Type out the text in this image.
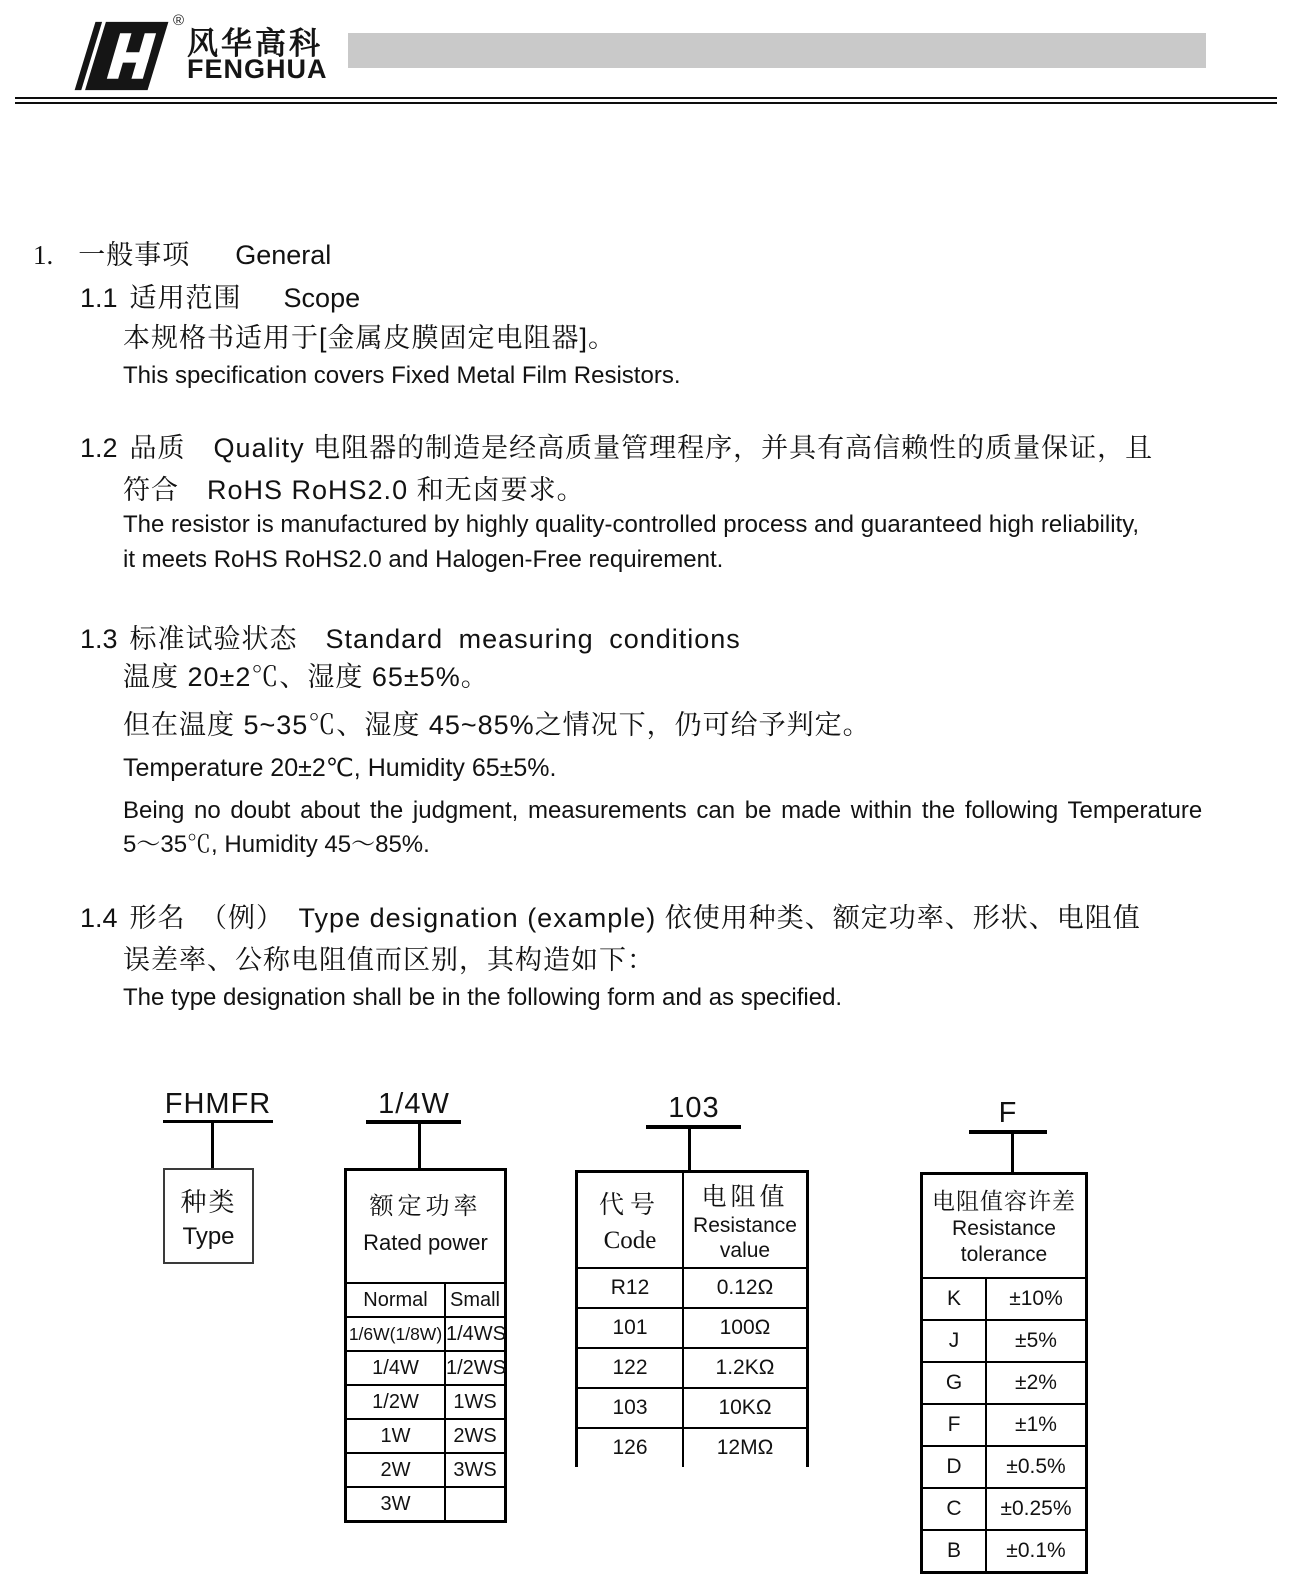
®
风华高科
FENGHUA
1. 一般事项 General
1.1 适用范围 Scope
本规格书适用于[金属皮膜固定电阻器]。
This specification covers Fixed Metal Film Resistors.
1.2 品质　Quality 电阻器的制造是经高质量管理程序，并具有高信赖性的质量保证，且
符合　RoHS RoHS2.0 和无卤要求。
The resistor is manufactured by highly quality-controlled process and guaranteed high reliability,
it meets RoHS RoHS2.0 and Halogen-Free requirement.
1.3 标准试验状态　Standard measuring conditions
温度 20±2℃、湿度 65±5%。
但在温度 5~35℃、湿度 45~85%之情况下，仍可给予判定。
Temperature 20±2℃, Humidity 65±5%.
Being no doubt about the judgment, measurements can be made within the following Temperature
5～35℃, Humidity 45～85%.
1.4 形名　（例）　Type designation (example) 依使用种类、额定功率、形状、电阻值
误差率、公称电阻值而区别，其构造如下：
The type designation shall be in the following form and as specified.
FHMFR	1/4W	103	F
种类
Type
额定功率
Rated power
Normal	Small
1/6W(1/8W) 1/4WS
1/4W	1/2WS
1/2W	1WS
1W	2WS
2W	3WS
3W
代号
Code
电阻值
Resistance
value
R12	0.12Ω
101	100Ω
122	1.2KΩ
103	10KΩ
126	12MΩ
电阻值容许差
Resistance
tolerance
K	±10%
J	±5%
G	±2%
F	±1%
D	±0.5%
C	±0.25%
B	±0.1%
